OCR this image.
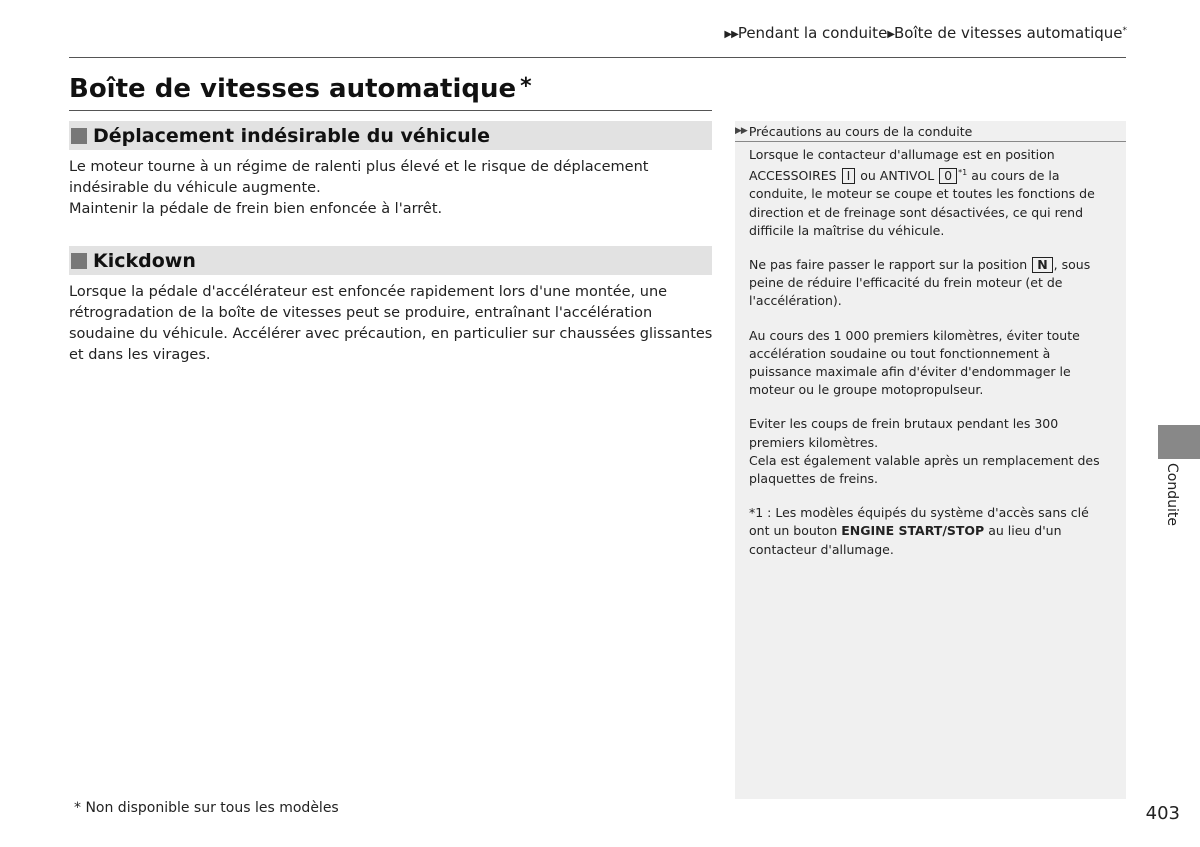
▶▶Pendant la conduite▶Boîte de vitesses automatique*
Boîte de vitesses automatique *
Déplacement indésirable du véhicule

Le moteur tourne à un régime de ralenti plus élevé et le risque de déplacement indésirable du véhicule augmente.

Maintenir la pédale de frein bien enfoncée à l'arrêt.

Kickdown

Lorsque la pédale d'accélérateur est enfoncée rapidement lors d'une montée, une rétrogradation de la boîte de vitesses peut se produire, entraînant l'accélération soudaine du véhicule. Accélérer avec précaution, en particulier sur chaussées glissantes et dans les virages.

▶▶ Précautions au cours de la conduite

Lorsque le contacteur d'allumage est en position ACCESSOIRES I ou ANTIVOL 0 $^{*1}$ au cours de la conduite, le moteur se coupe et toutes les fonctions de direction et de freinage sont désactivées, ce qui rend difficile la maîtrise du véhicule.

Ne pas faire passer le rapport sur la position N , sous peine de réduire l'efficacité du frein moteur (et de l'accélération).

Au cours des 1 000 premiers kilomètres, éviter toute accélération soudaine ou tout fonctionnement à puissance maximale afin d'éviter d'endommager le moteur ou le groupe motopropulseur.

Eviter les coups de frein brutaux pendant les 300 premiers kilomètres.
Cela est également valable après un remplacement des plaquettes de freins.

*1 : Les modèles équipés du système d'accès sans clé ont un bouton ENGINE START/STOP au lieu d'un contacteur d'allumage.

* Non disponible sur tous les modèles	403
Conduite
